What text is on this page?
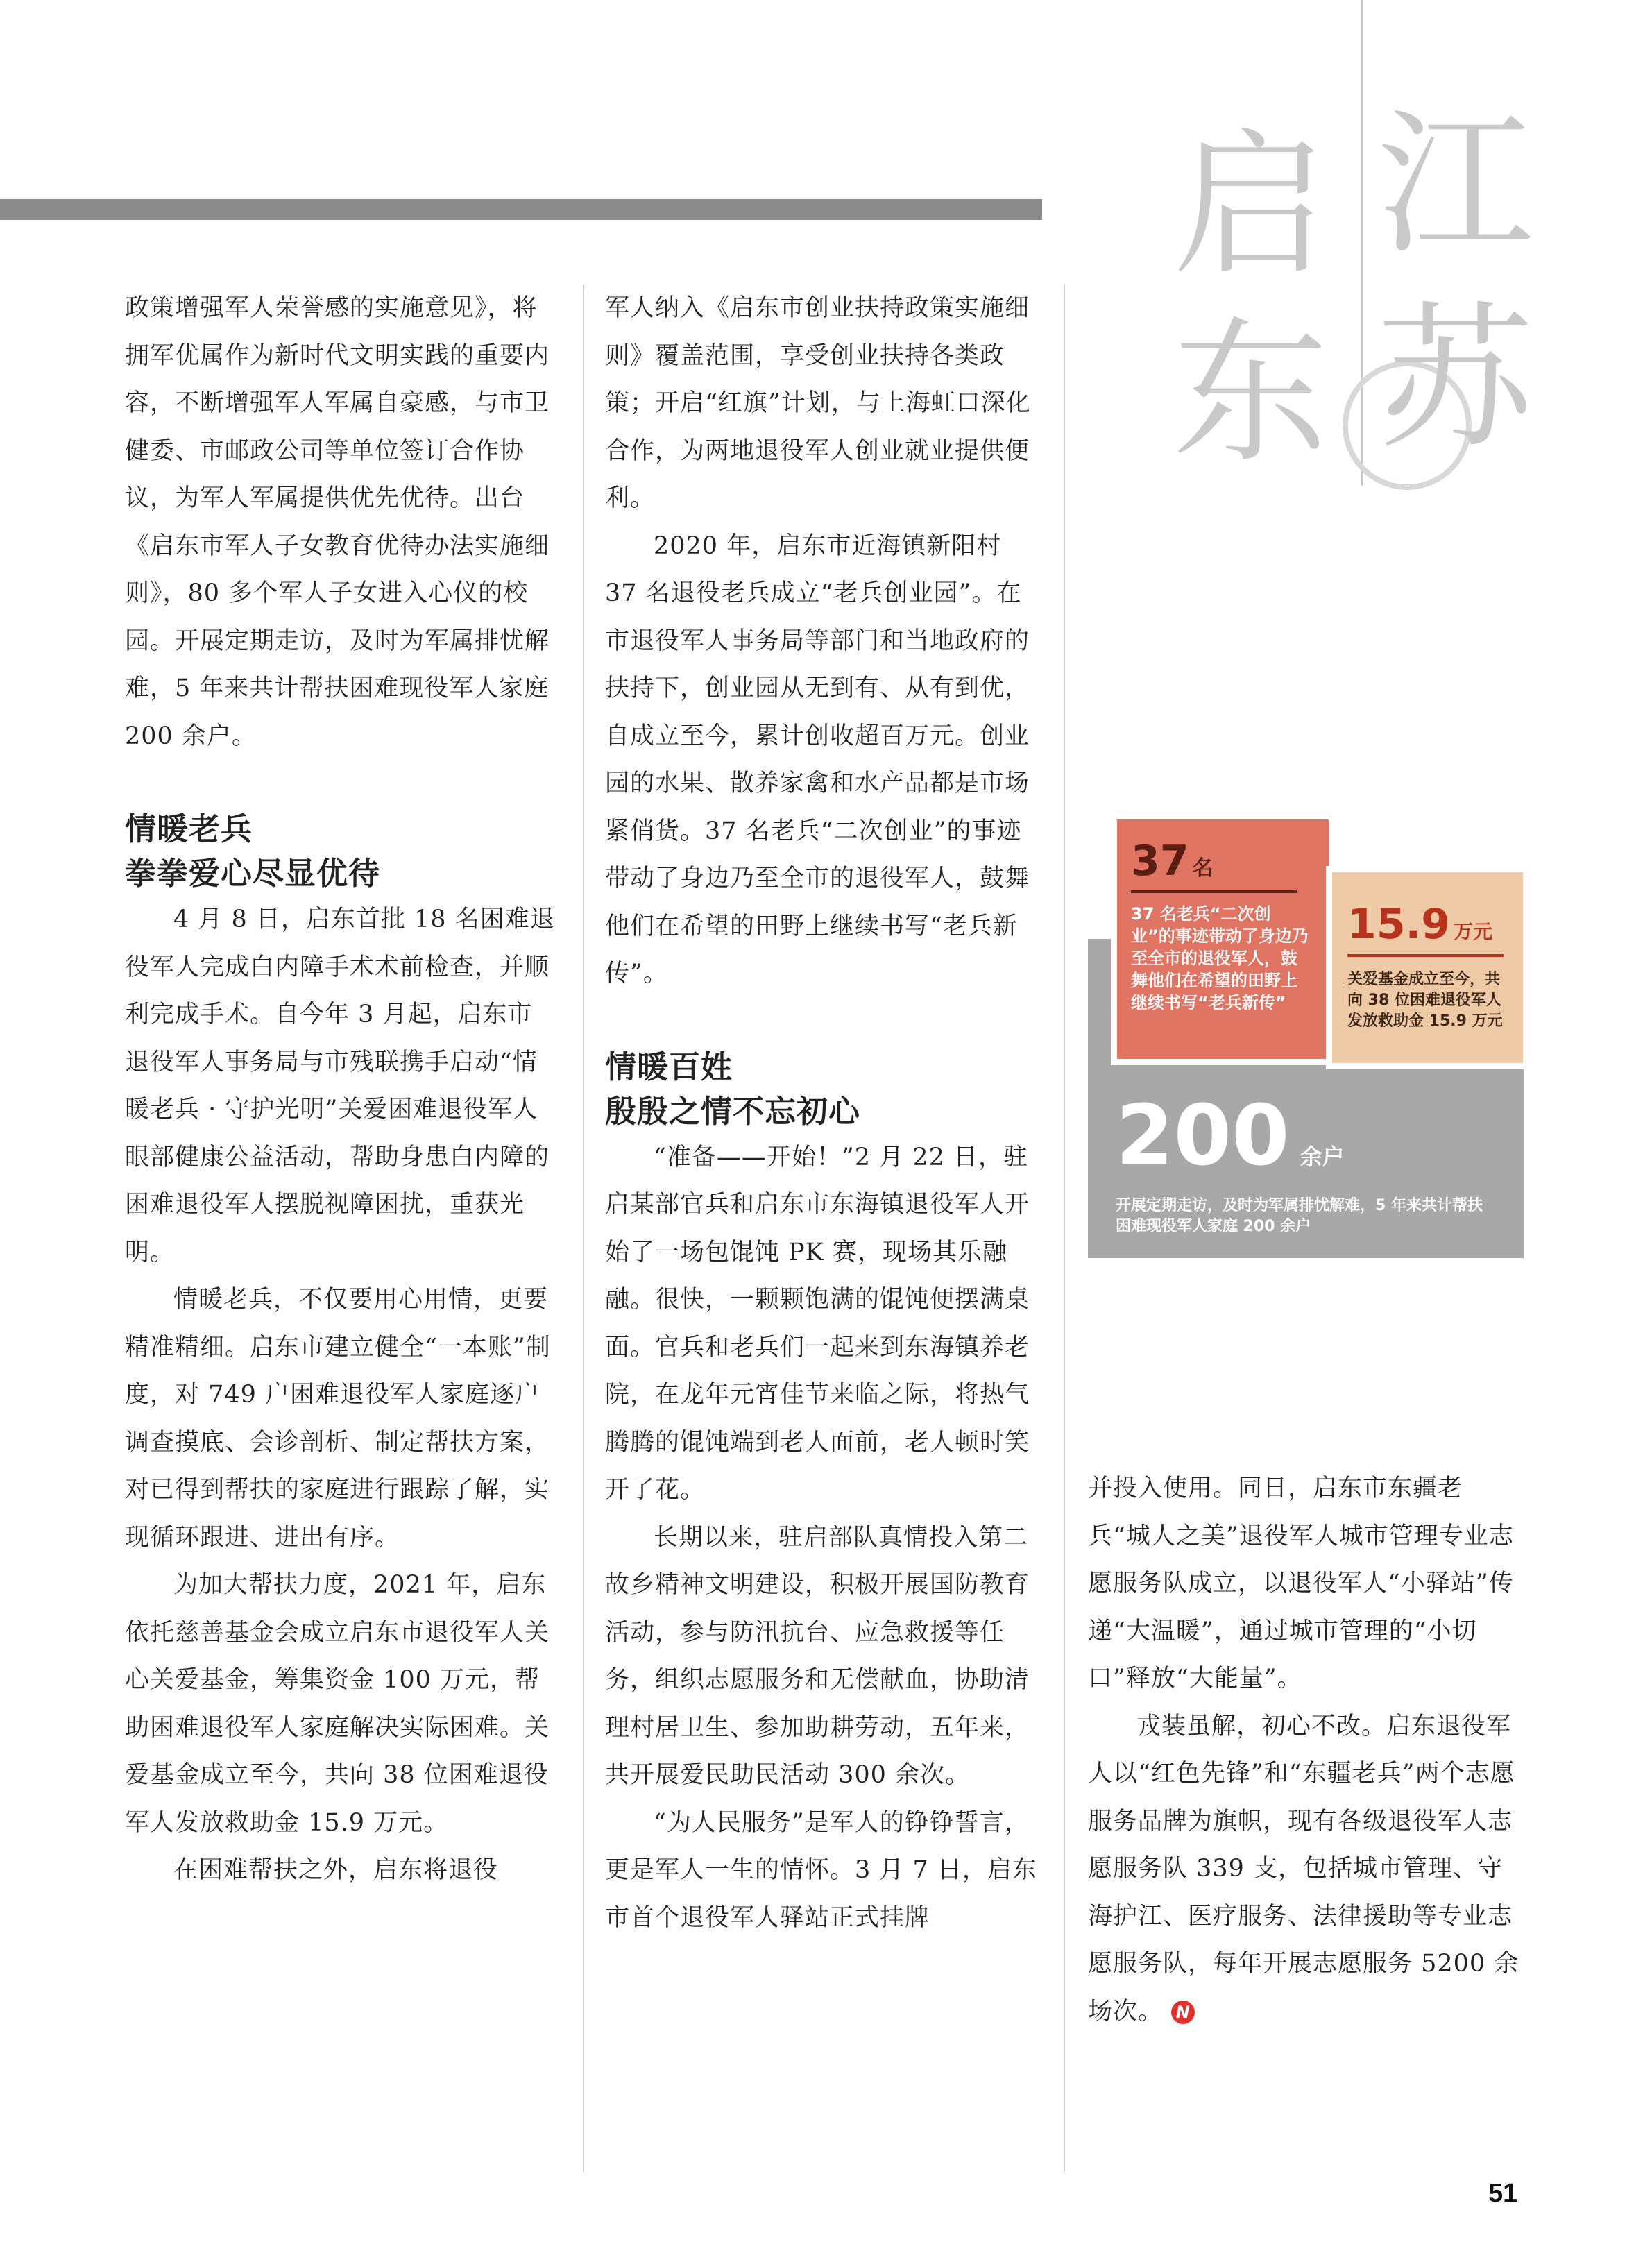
江
苏
启
东

政策增强军人荣誉感的实施意见》，将拥军优属作为新时代文明实践的重要内容，不断增强军人军属自豪感，与市卫健委、市邮政公司等单位签订合作协议，为军人军属提供优先优待。出台《启东市军人子女教育优待办法实施细则》，80 多个军人子女进入心仪的校园。开展定期走访，及时为军属排忧解难，5 年来共计帮扶困难现役军人家庭 200 余户。

情暖老兵
拳拳爱心尽显优待

4 月 8 日，启东首批 18 名困难退役军人完成白内障手术术前检查，并顺利完成手术。自今年 3 月起，启东市退役军人事务局与市残联携手启动“情暖老兵 · 守护光明”关爱困难退役军人眼部健康公益活动，帮助身患白内障的困难退役军人摆脱视障困扰，重获光明。

情暖老兵，不仅要用心用情，更要精准精细。启东市建立健全“一本账”制度，对 749 户困难退役军人家庭逐户调查摸底、会诊剖析、制定帮扶方案，对已得到帮扶的家庭进行跟踪了解，实现循环跟进、进出有序。

为加大帮扶力度，2021 年，启东依托慈善基金会成立启东市退役军人关心关爱基金，筹集资金 100 万元，帮助困难退役军人家庭解决实际困难。关爱基金成立至今，共向 38 位困难退役军人发放救助金 15.9 万元。

在困难帮扶之外，启东将退役

军人纳入《启东市创业扶持政策实施细则》覆盖范围，享受创业扶持各类政策；开启“红旗”计划，与上海虹口深化合作，为两地退役军人创业就业提供便利。

2020 年，启东市近海镇新阳村 37 名退役老兵成立“老兵创业园”。在市退役军人事务局等部门和当地政府的扶持下，创业园从无到有、从有到优，自成立至今，累计创收超百万元。创业园的水果、散养家禽和水产品都是市场紧俏货。37 名老兵“二次创业”的事迹带动了身边乃至全市的退役军人，鼓舞他们在希望的田野上继续书写“老兵新传”。

情暖百姓
殷殷之情不忘初心

“准备——开始！”2 月 22 日，驻启某部官兵和启东市东海镇退役军人开始了一场包馄饨 PK 赛，现场其乐融融。很快，一颗颗饱满的馄饨便摆满桌面。官兵和老兵们一起来到东海镇养老院，在龙年元宵佳节来临之际，将热气腾腾的馄饨端到老人面前，老人顿时笑开了花。

长期以来，驻启部队真情投入第二故乡精神文明建设，积极开展国防教育活动，参与防汛抗台、应急救援等任务，组织志愿服务和无偿献血，协助清理村居卫生、参加助耕劳动，五年来，共开展爱民助民活动 300 余次。

“为人民服务”是军人的铮铮誓言，更是军人一生的情怀。3 月 7 日，启东市首个退役军人驿站正式挂牌

200 余户
开展定期走访，及时为军属排忧解难，5 年来共计帮扶困难现役军人家庭 200 余户
37 名
37 名老兵“二次创业”的事迹带动了身边乃至全市的退役军人，鼓舞他们在希望的田野上继续书写“老兵新传”
15.9 万元
关爱基金成立至今，共向 38 位困难退役军人发放救助金 15.9 万元

并投入使用。同日，启东市东疆老兵“城人之美”退役军人城市管理专业志愿服务队成立，以退役军人“小驿站”传递“大温暖”，通过城市管理的“小切口”释放“大能量”。

戎装虽解，初心不改。启东退役军人以“红色先锋”和“东疆老兵”两个志愿服务品牌为旗帜，现有各级退役军人志愿服务队 339 支，包括城市管理、守海护江、医疗服务、法律援助等专业志愿服务队，每年开展志愿服务 5200 余场次。 N

51
